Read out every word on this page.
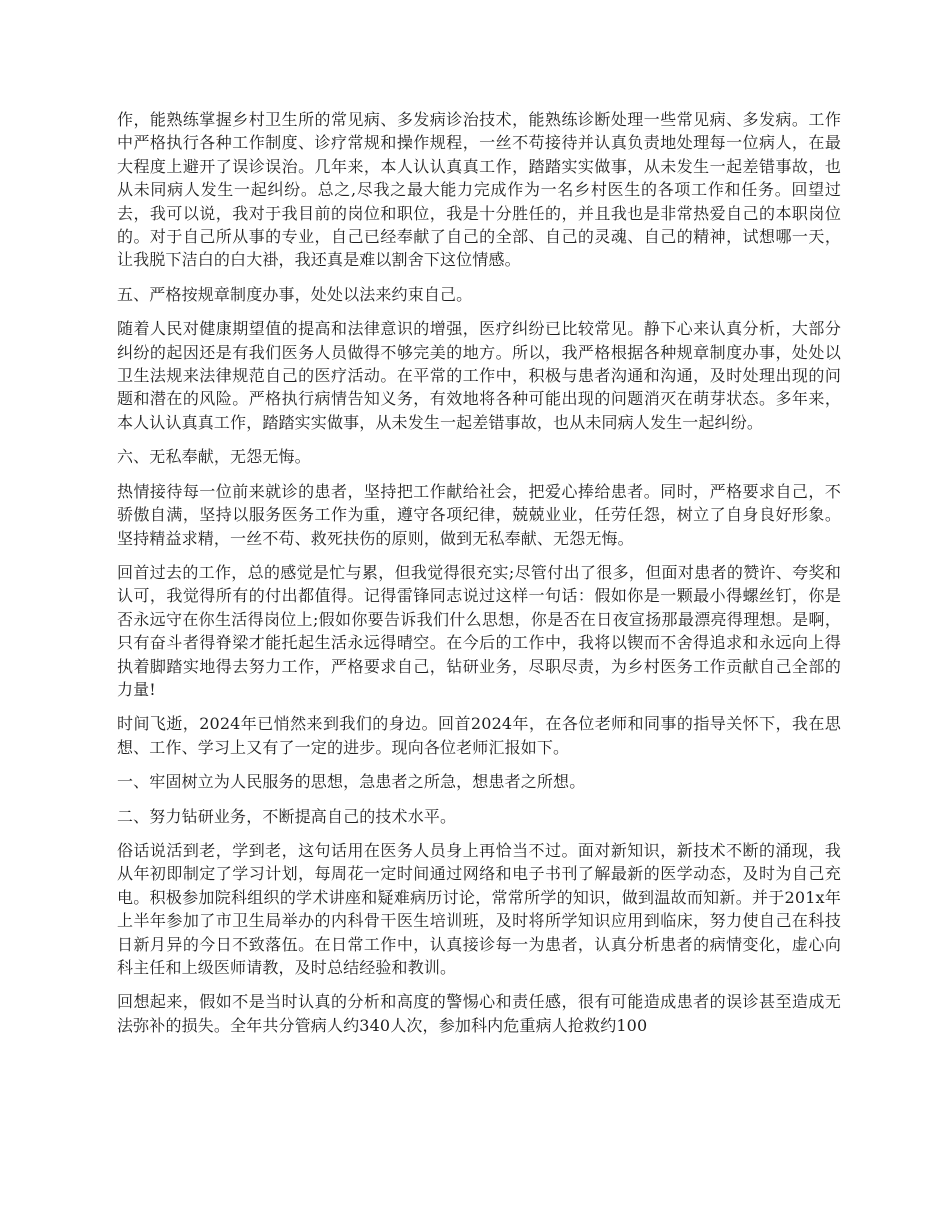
作，能熟练掌握乡村卫生所的常见病、多发病诊治技术，能熟练诊断处理一些常见病、多发病。工作中严格执行各种工作制度、诊疗常规和操作规程，一丝不苟接待并认真负责地处理每一位病人，在最大程度上避开了误诊误治。几年来，本人认认真真工作，踏踏实实做事，从未发生一起差错事故，也从未同病人发生一起纠纷。总之,尽我之最大能力完成作为一名乡村医生的各项工作和任务。回望过去，我可以说，我对于我目前的岗位和职位，我是十分胜任的，并且我也是非常热爱自己的本职岗位的。对于自己所从事的专业，自己已经奉献了自己的全部、自己的灵魂、自己的精神，试想哪一天，让我脱下洁白的白大褂，我还真是难以割舍下这位情感。

五、严格按规章制度办事，处处以法来约束自己。

随着人民对健康期望值的提高和法律意识的增强，医疗纠纷已比较常见。静下心来认真分析，大部分纠纷的起因还是有我们医务人员做得不够完美的地方。所以，我严格根据各种规章制度办事，处处以卫生法规来法律规范自己的医疗活动。在平常的工作中，积极与患者沟通和沟通，及时处理出现的问题和潜在的风险。严格执行病情告知义务，有效地将各种可能出现的问题消灭在萌芽状态。多年来，本人认认真真工作，踏踏实实做事，从未发生一起差错事故，也从未同病人发生一起纠纷。

六、无私奉献，无怨无悔。

热情接待每一位前来就诊的患者，坚持把工作献给社会，把爱心捧给患者。同时，严格要求自己，不骄傲自满，坚持以服务医务工作为重，遵守各项纪律，兢兢业业，任劳任怨，树立了自身良好形象。坚持精益求精，一丝不苟、救死扶伤的原则，做到无私奉献、无怨无悔。

回首过去的工作，总的感觉是忙与累，但我觉得很充实;尽管付出了很多，但面对患者的赞许、夸奖和认可，我觉得所有的付出都值得。记得雷锋同志说过这样一句话：假如你是一颗最小得螺丝钉，你是否永远守在你生活得岗位上;假如你要告诉我们什么思想，你是否在日夜宣扬那最漂亮得理想。是啊，只有奋斗者得脊梁才能托起生活永远得晴空。在今后的工作中，我将以锲而不舍得追求和永远向上得执着脚踏实地得去努力工作，严格要求自己，钻研业务，尽职尽责，为乡村医务工作贡献自己全部的力量!

时间飞逝，2024年已悄然来到我们的身边。回首2024年，在各位老师和同事的指导关怀下，我在思想、工作、学习上又有了一定的进步。现向各位老师汇报如下。

一、牢固树立为人民服务的思想，急患者之所急，想患者之所想。

二、努力钻研业务，不断提高自己的技术水平。

俗话说活到老，学到老，这句话用在医务人员身上再恰当不过。面对新知识，新技术不断的涌现，我从年初即制定了学习计划，每周花一定时间通过网络和电子书刊了解最新的医学动态，及时为自己充电。积极参加院科组织的学术讲座和疑难病历讨论，常常所学的知识，做到温故而知新。并于201x年上半年参加了市卫生局举办的内科骨干医生培训班，及时将所学知识应用到临床，努力使自己在科技日新月异的今日不致落伍。在日常工作中，认真接诊每一为患者，认真分析患者的病情变化，虚心向科主任和上级医师请教，及时总结经验和教训。

回想起来，假如不是当时认真的分析和高度的警惕心和责任感，很有可能造成患者的误诊甚至造成无法弥补的损失。全年共分管病人约340人次，参加科内危重病人抢救约100
